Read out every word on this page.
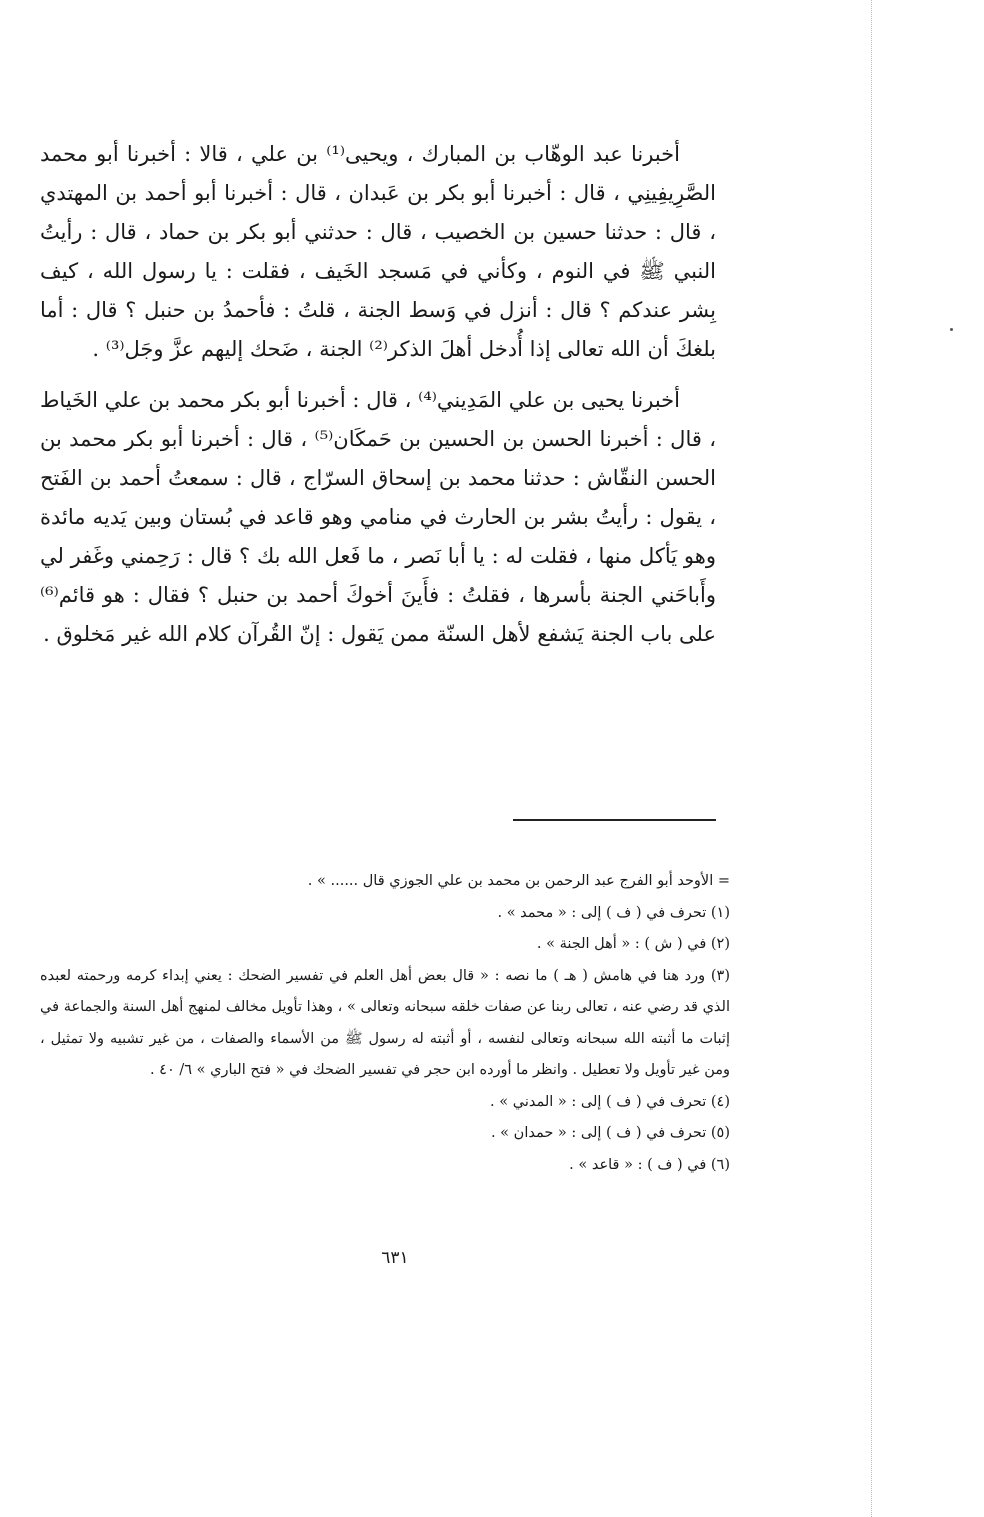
أخبرنا عبد الوهّاب بن المبارك ، ويحيى⁽¹⁾ بن علي ، قالا : أخبرنا أبو محمد الصَّرِيفِينِي ، قال : أخبرنا أبو بكر بن عَبدان ، قال : أخبرنا أبو أحمد بن المهتدي ، قال : حدثنا حسين بن الخصيب ، قال : حدثني أبو بكر بن حماد ، قال : رأيتُ النبي ﷺ في النوم ، وكأني في مَسجد الخَيف ، فقلت : يا رسول الله ، كيف بِشر عندكم ؟ قال : أنزل في وَسط الجنة ، قلتُ : فأحمدُ بن حنبل ؟ قال : أما بلغكَ أن الله تعالى إذا أُدخل أهلَ الذكر⁽²⁾ الجنة ، ضَحك إليهم عزَّ وجَل⁽³⁾ .

أخبرنا يحيى بن علي المَدِيني⁽⁴⁾ ، قال : أخبرنا أبو بكر محمد بن علي الخَياط ، قال : أخبرنا الحسن بن الحسين بن حَمكَان⁽⁵⁾ ، قال : أخبرنا أبو بكر محمد بن الحسن النقّاش : حدثنا محمد بن إسحاق السرّاج ، قال : سمعتُ أحمد بن الفَتح ، يقول : رأيتُ بشر بن الحارث في منامي وهو قاعد في بُستان وبين يَديه مائدة وهو يَأكل منها ، فقلت له : يا أبا نَصر ، ما فَعل الله بك ؟ قال : رَحِمني وغَفر لي وأَباحَني الجنة بأسرها ، فقلتُ : فأَينَ أخوكَ أحمد بن حنبل ؟ فقال : هو قائم⁽⁶⁾ على باب الجنة يَشفع لأهل السنّة ممن يَقول : إنّ القُرآن كلام الله غير مَخلوق .

= الأوحد أبو الفرج عبد الرحمن بن محمد بن علي الجوزي قال ...... » .

(١) تحرف في ( ف ) إلى : « محمد » .

(٢) في ( ش ) : « أهل الجنة » .

(٣) ورد هنا في هامش ( هـ ) ما نصه : « قال بعض أهل العلم في تفسير الضحك : يعني إبداء كرمه ورحمته لعبده الذي قد رضي عنه ، تعالى ربنا عن صفات خلقه سبحانه وتعالى » ، وهذا تأويل مخالف لمنهج أهل السنة والجماعة في إثبات ما أثبته الله سبحانه وتعالى لنفسه ، أو أثبته له رسول ﷺ من الأسماء والصفات ، من غير تشبيه ولا تمثيل ، ومن غير تأويل ولا تعطيل . وانظر ما أورده ابن حجر في تفسير الضحك في « فتح الباري » ٦/ ٤٠ .

(٤) تحرف في ( ف ) إلى : « المدني » .

(٥) تحرف في ( ف ) إلى : « حمدان » .

(٦) في ( ف ) : « قاعد » .

٦٣١
